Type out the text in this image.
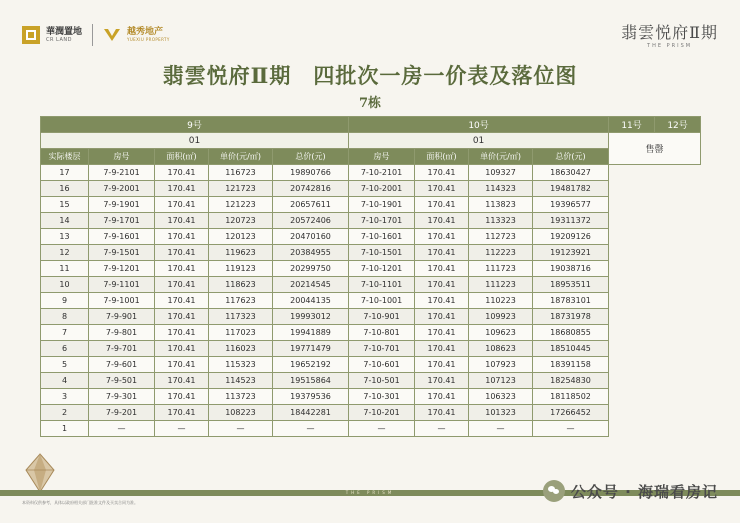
華潤置地
CR LAND
越秀地产
YUEXIU PROPERTY	翡雲悦府Ⅱ期
THE PRISM
翡雲悦府Ⅱ期　四批次一房一价表及落位图
7栋
9号					10号				11号	12号
01					01				售罄	
实际楼层	房号	面积(㎡)	单价(元/㎡)	总价(元)	房号	面积(㎡)	单价(元/㎡)	总价(元)		
17	7-9-2101	170.41	116723	19890766	7-10-2101	170.41	109327	18630427		
16	7-9-2001	170.41	121723	20742816	7-10-2001	170.41	114323	19481782		
15	7-9-1901	170.41	121223	20657611	7-10-1901	170.41	113823	19396577		
14	7-9-1701	170.41	120723	20572406	7-10-1701	170.41	113323	19311372		
13	7-9-1601	170.41	120123	20470160	7-10-1601	170.41	112723	19209126		
12	7-9-1501	170.41	119623	20384955	7-10-1501	170.41	112223	19123921		
11	7-9-1201	170.41	119123	20299750	7-10-1201	170.41	111723	19038716		
10	7-9-1101	170.41	118623	20214545	7-10-1101	170.41	111223	18953511		
9	7-9-1001	170.41	117623	20044135	7-10-1001	170.41	110223	18783101		
8	7-9-901	170.41	117323	19993012	7-10-901	170.41	109923	18731978		
7	7-9-801	170.41	117023	19941889	7-10-801	170.41	109623	18680855		
6	7-9-701	170.41	116023	19771479	7-10-701	170.41	108623	18510445		
5	7-9-601	170.41	115323	19652192	7-10-601	170.41	107923	18391158		
4	7-9-501	170.41	114523	19515864	7-10-501	170.41	107123	18254830		
3	7-9-301	170.41	113723	19379536	7-10-301	170.41	106323	18118502		
2	7-9-201	170.41	108223	18442281	7-10-201	170.41	101323	17266452		
1	—	—	—	—	—	—	—	—		
THE PRISM
本资料仅供参考，具体以政府相关部门批准文件及买卖合同为准。
公众号 · 海瑞看房记
